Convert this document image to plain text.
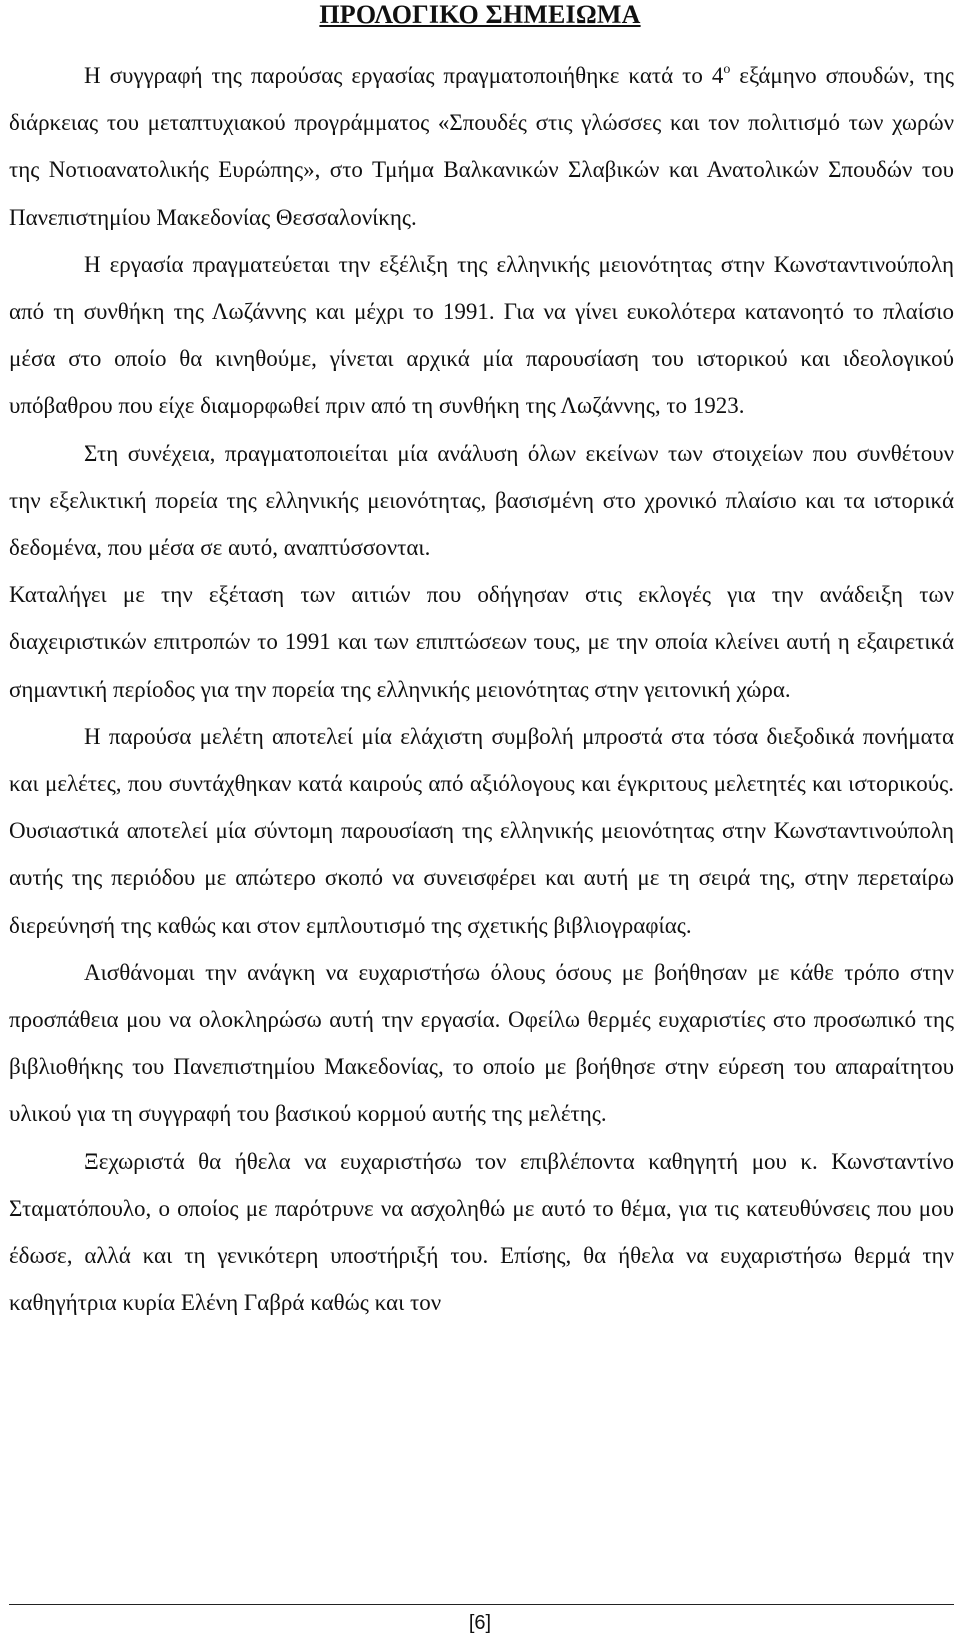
ΠΡΟΛΟΓΙΚΟ ΣΗΜΕΙΩΜΑ

Η συγγραφή της παρούσας εργασίας πραγματοποιήθηκε κατά το $4^o$ εξάμηνο σπουδών, της διάρκειας του μεταπτυχιακού προγράμματος «Σπουδές στις γλώσσες και τον πολιτισμό των χωρών της Νοτιοανατολικής Ευρώπης», στο Τμήμα Βαλκανικών Σλαβικών και Ανατολικών Σπουδών του Πανεπιστημίου Μακεδονίας Θεσσαλονίκης.

Η εργασία πραγματεύεται την εξέλιξη της ελληνικής μειονότητας στην Κωνσταντινούπολη από τη συνθήκη της Λωζάννης και μέχρι το 1991. Για να γίνει ευκολότερα κατανοητό το πλαίσιο μέσα στο οποίο θα κινηθούμε, γίνεται αρχικά μία παρουσίαση του ιστορικού και ιδεολογικού υπόβαθρου που είχε διαμορφωθεί πριν από τη συνθήκη της Λωζάννης, το 1923.

Στη συνέχεια, πραγματοποιείται μία ανάλυση όλων εκείνων των στοιχείων που συνθέτουν την εξελικτική πορεία της ελληνικής μειονότητας, βασισμένη στο χρονικό πλαίσιο και τα ιστορικά δεδομένα, που μέσα σε αυτό, αναπτύσσονται.

Καταλήγει με την εξέταση των αιτιών που οδήγησαν στις εκλογές για την ανάδειξη των διαχειριστικών επιτροπών το 1991 και των επιπτώσεων τους, με την οποία κλείνει αυτή η εξαιρετικά σημαντική περίοδος για την πορεία της ελληνικής μειονότητας στην γειτονική χώρα.

Η παρούσα μελέτη αποτελεί μία ελάχιστη συμβολή μπροστά στα τόσα διεξοδικά πονήματα και μελέτες, που συντάχθηκαν κατά καιρούς από αξιόλογους και έγκριτους μελετητές και ιστορικούς. Ουσιαστικά αποτελεί μία σύντομη παρουσίαση της ελληνικής μειονότητας στην Κωνσταντινούπολη αυτής της περιόδου με απώτερο σκοπό να συνεισφέρει και αυτή με τη σειρά της, στην περεταίρω διερεύνησή της καθώς και στον εμπλουτισμό της σχετικής βιβλιογραφίας.

Αισθάνομαι την ανάγκη να ευχαριστήσω όλους όσους με βοήθησαν με κάθε τρόπο στην προσπάθεια μου να ολοκληρώσω αυτή την εργασία. Οφείλω θερμές ευχαριστίες στο προσωπικό της βιβλιοθήκης του Πανεπιστημίου Μακεδονίας, το οποίο με βοήθησε στην εύρεση του απαραίτητου υλικού για τη συγγραφή του βασικού κορμού αυτής της μελέτης.

Ξεχωριστά θα ήθελα να ευχαριστήσω τον επιβλέποντα καθηγητή μου κ. Κωνσταντίνο Σταματόπουλο, ο οποίος με παρότρυνε να ασχοληθώ με αυτό το θέμα, για τις κατευθύνσεις που μου έδωσε, αλλά και τη γενικότερη υποστήριξή του. Επίσης, θα ήθελα να ευχαριστήσω θερμά την καθηγήτρια κυρία Ελένη Γαβρά καθώς και τον

[6]
